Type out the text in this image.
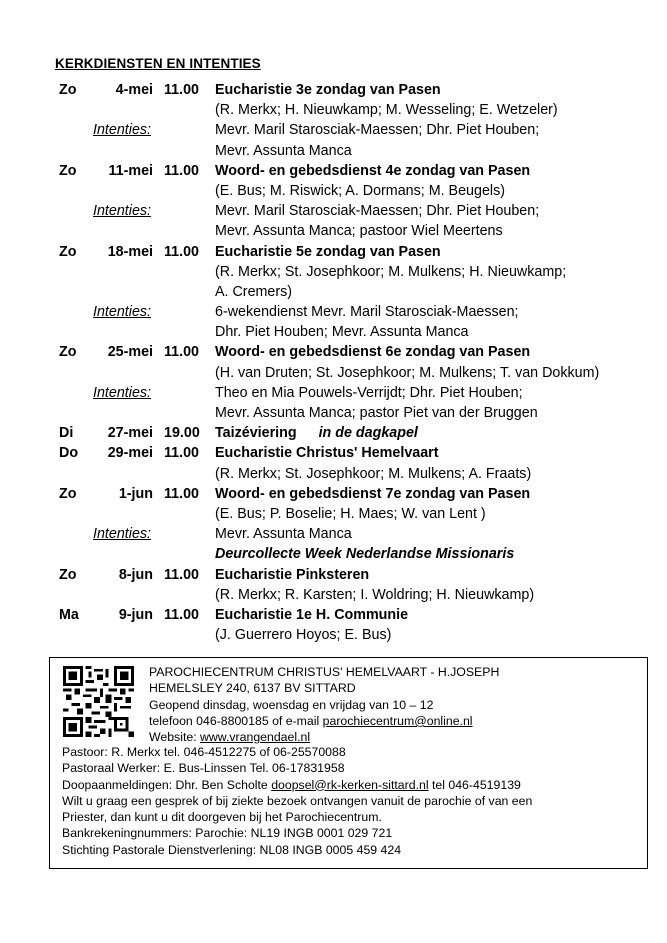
KERKDIENSTEN EN INTENTIES
Zo	4-mei 11.00 Eucharistie 3e zondag van Pasen
(R. Merkx; H. Nieuwkamp; M. Wesseling; E. Wetzeler)
Intenties:	Mevr. Maril Starosciak-Maessen; Dhr. Piet Houben;
Mevr. Assunta Manca
Zo 11-mei 11.00 Woord- en gebedsdienst 4e zondag van Pasen
(E. Bus; M. Riswick; A. Dormans; M. Beugels)
Intenties:	Mevr. Maril Starosciak-Maessen; Dhr. Piet Houben;
Mevr. Assunta Manca; pastoor Wiel Meertens
Zo 18-mei 11.00 Eucharistie 5e zondag van Pasen
(R. Merkx; St. Josephkoor; M. Mulkens; H. Nieuwkamp;
A. Cremers)
Intenties:	6-wekendienst Mevr. Maril Starosciak-Maessen;
Dhr. Piet Houben; Mevr. Assunta Manca
Zo 25-mei 11.00 Woord- en gebedsdienst 6e zondag van Pasen
(H. van Druten; St. Josephkoor; M. Mulkens; T. van Dokkum)
Intenties:	Theo en Mia Pouwels-Verrijdt; Dhr. Piet Houben;
Mevr. Assunta Manca; pastor Piet van der Bruggen
Di 27-mei 19.00 Taizéviering in de dagkapel
Do 29-mei 11.00 Eucharistie Christus' Hemelvaart
(R. Merkx; St. Josephkoor; M. Mulkens; A. Fraats)
Zo	1-jun 11.00 Woord- en gebedsdienst 7e zondag van Pasen
(E. Bus; P. Boselie; H. Maes; W. van Lent )
Intenties:	Mevr. Assunta Manca
Deurcollecte Week Nederlandse Missionaris
Zo	8-jun 11.00 Eucharistie Pinksteren
(R. Merkx; R. Karsten; I. Woldring; H. Nieuwkamp)
Ma	9-jun 11.00 Eucharistie 1e H. Communie
(J. Guerrero Hoyos; E. Bus)
PAROCHIECENTRUM CHRISTUS' HEMELVAART - H.JOSEPH
HEMELSLEY 240, 6137 BV SITTARD
Geopend dinsdag, woensdag en vrijdag van 10 – 12
telefoon 046-8800185 of e-mail parochiecentrum@online.nl
Website: www.vrangendael.nl
Pastoor: R. Merkx tel. 046-4512275 of 06-25570088
Pastoraal Werker: E. Bus-Linssen Tel. 06-17831958
Doopaanmeldingen: Dhr. Ben Scholte doopsel@rk-kerken-sittard.nl tel 046-4519139
Wilt u graag een gesprek of bij ziekte bezoek ontvangen vanuit de parochie of van een
Priester, dan kunt u dit doorgeven bij het Parochiecentrum.
Bankrekeningnummers: Parochie: NL19 INGB 0001 029 721
Stichting Pastorale Dienstverlening: NL08 INGB 0005 459 424
